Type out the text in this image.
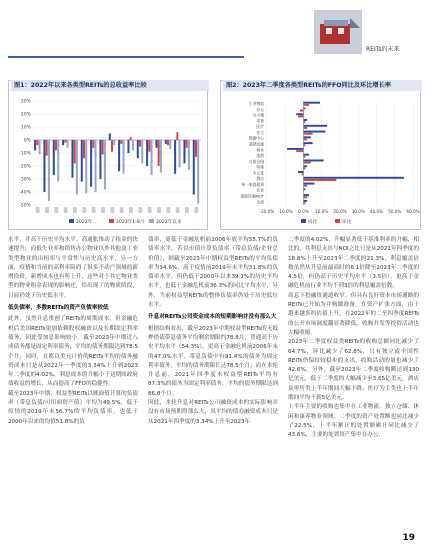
REITs的未来
图1：2022年以来各类型REITs的总收益率比较
30%
20%
10%
0%
-10%
-20%
-30%
-40%
-50%
2022年	2023年1-8月	2022年以来
图2：2023年二季度各类型REITs的FFO同比及环比增长率
-20.0% -10.0% 0.0% 10.0% 20.0% 30.0% 40.0% 50.0% 60.0%
工业物流
办公
写字楼
零售
医疗
住宅
数据中心
基础设施
林木
度假
自助仓储
特殊
多元化
酒店
单一家庭租赁
农业
基础设施REIT
全部
同比	环比

水平，并高于历史平均水平。高通胀推动了租金的快速提升，而低失业率和销售办公物业以外其他及工业类型物业的出租率与平常性与历史高水平，另一方面，疫情和当前的高利率阻碍了很多不动产领域的新增投资，新增成本也有所上升，这些对于其它物业类型的物业租金表现的影响还，给出现了的物质阶段，目前仍处于历史低水平。

低负债率，多数REITs的资产负债率较低

此外，虽然升息重创了REITs的周期成本，但金融危机后美国REITs更加依赖股权融资以及长期固定利率债务，因此受加息影响较小。截至2023年中期近八成债务都是固定利率债务，平均的债务期限达到78.5个月，同时，且都以美元计价的REITs平均的债务融资成本只是从2022年一季度的3.34%上升到2023年二季度的4.02%，利息成本的升幅小于这期间政府债收益的增长，从而提高了FFO的稳健性。

截至2023年中期，权益型REITs以账面值计算的负债率（带息负债/可用面资产值）平均为49.5%，低于疫情的2019年末56.7%的平均负债率。也低于2000年以来的均值51.8%的负

债率，更低于金融危机前2006年底平均55.7%的负债率水平。若以市值计算负债率（带息负债/企业总价值），则截至2023年中期权益型REITs的平均负债率为34.6%，高于疫情前2019年末平均31.8%的负债率水平，但仍低于2000年以来39.1%的历史平均水平，也低于金融危机前36.3%的同比平均水平，另外，当前权益型REITs的整体负债率仍处于历史低位水平。

升息对REITs公司资金成本的短期影响并没有那么大

根据结构看出，截至2023年中期权益型REITs的无抵押借债带息债务平均剩余期限约78.8月，普通高于历史平均水平（54.3%），更高于金融危机前2006年末的47.0%水平。带息负债中有91.4%的债务为固定利率债务，平均的债务期限长达78.5个月；而在本轮升息前，2021年四季度末权益型REITs平均有87.3%的债务为固定利率债务，平均的债务期限达到86.8个月。

因此，本轮升息对REITs公司融资成本的实际影响并没有市场预期得那么大，其平均的债券融资成本只是从2021年四季度的3.34%上升至2023年

二季度的4.02%，升幅显著低于基准利率的升幅，相比的，其利息支出与NOI之比只是从2021年四季度的18.8%上升至2023年二季度的21.3%，利息覆盖倍数虽然从升息前最高时的6.1倍降至2023年二季度的4.5倍，但仍高于历史平均水平（3.5倍），更高于金融危机前行业平均不到3倍的利息覆盖倍数。

高息下投融资通道收窄，但具有良好资本市场通路的REITs已开始为并购做准备。在资产扩张方面，由于越来越多的估值上升，在2022年的二至四季度REITs的公开市场调度翻显著降低。收购并发等投资活动也大幅收缩。

2023年二季度权益类REITs的收购总额同比减少了64.7%，环比减少了62.8%，只有独立或全国性REITs仍保持较稳步的支出，收购活动的量也减少了42.6%。另外，截至2023年二季度收购额达到130亿美元，低于二季度的大幅减少至3.65亿美元。酒店及零售类上半年期间大幅下降；医疗为主类也上半年期间平均不到5亿美元。

上半年主要的收购也集中在工业物流、独立仓储、休闲和康养物业领域。二季度的资产处置额也同比减少了22.5%，上半年累计的处置额累计同比减少了43.6%，主要的处置资产集中在办公、

19
